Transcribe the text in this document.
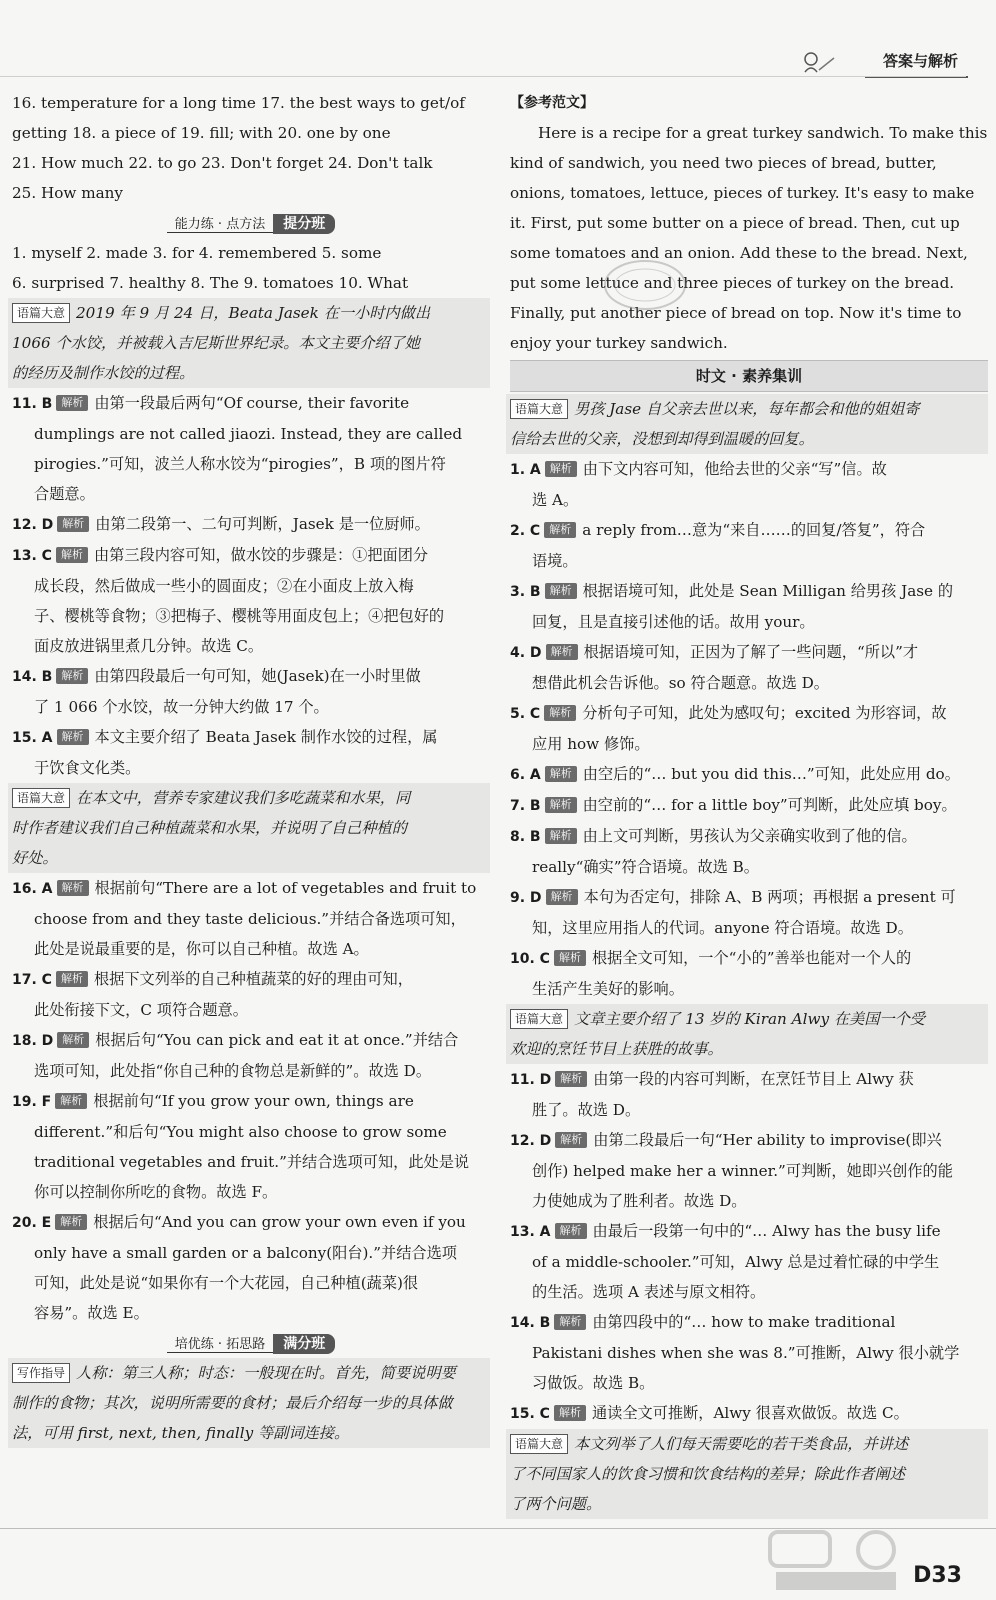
答案与解析
16. temperature for a long time 17. the best ways to get/of
getting 18. a piece of 19. fill; with 20. one by one
21. How much 22. to go 23. Don't forget 24. Don't talk
25. How many
能力练 · 点方法 提分班
1. myself 2. made 3. for 4. remembered 5. some
6. surprised 7. healthy 8. The 9. tomatoes 10. What
语篇大意 2019 年 9 月 24 日，Beata Jasek 在一小时内做出
1066 个水饺，并被载入吉尼斯世界纪录。本文主要介绍了她
的经历及制作水饺的过程。
11. B 解析 由第一段最后两句“Of course, their favorite
dumplings are not called jiaozi. Instead, they are called
pirogies.”可知，波兰人称水饺为“pirogies”，B 项的图片符
合题意。
12. D 解析 由第二段第一、二句可判断，Jasek 是一位厨师。
13. C 解析 由第三段内容可知，做水饺的步骤是：①把面团分
成长段，然后做成一些小的圆面皮；②在小面皮上放入梅
子、樱桃等食物；③把梅子、樱桃等用面皮包上；④把包好的
面皮放进锅里煮几分钟。故选 C。
14. B 解析 由第四段最后一句可知，她(Jasek)在一小时里做
了 1 066 个水饺，故一分钟大约做 17 个。
15. A 解析 本文主要介绍了 Beata Jasek 制作水饺的过程，属
于饮食文化类。
语篇大意 在本文中，营养专家建议我们多吃蔬菜和水果，同
时作者建议我们自己种植蔬菜和水果，并说明了自己种植的
好处。
16. A 解析 根据前句“There are a lot of vegetables and fruit to
choose from and they taste delicious.”并结合备选项可知，
此处是说最重要的是，你可以自己种植。故选 A。
17. C 解析 根据下文列举的自己种植蔬菜的好的理由可知，
此处衔接下文，C 项符合题意。
18. D 解析 根据后句“You can pick and eat it at once.”并结合
选项可知，此处指“你自己种的食物总是新鲜的”。故选 D。
19. F 解析 根据前句“If you grow your own, things are
different.”和后句“You might also choose to grow some
traditional vegetables and fruit.”并结合选项可知，此处是说
你可以控制你所吃的食物。故选 F。
20. E 解析 根据后句“And you can grow your own even if you
only have a small garden or a balcony(阳台).”并结合选项
可知，此处是说“如果你有一个大花园，自己种植(蔬菜)很
容易”。故选 E。
培优练 · 拓思路 满分班
写作指导 人称：第三人称；时态：一般现在时。首先，简要说明要
制作的食物；其次，说明所需要的食材；最后介绍每一步的具体做
法，可用 first, next, then, finally 等副词连接。
【参考范文】
Here is a recipe for a great turkey sandwich. To make this
kind of sandwich, you need two pieces of bread, butter,
onions, tomatoes, lettuce, pieces of turkey. It's easy to make
it. First, put some butter on a piece of bread. Then, cut up
some tomatoes and an onion. Add these to the bread. Next,
put some lettuce and three pieces of turkey on the bread.
Finally, put another piece of bread on top. Now it's time to
enjoy your turkey sandwich.
时文 · 素养集训
语篇大意 男孩 Jase 自父亲去世以来，每年都会和他的姐姐寄
信给去世的父亲，没想到却得到温暖的回复。
1. A 解析 由下文内容可知，他给去世的父亲“写”信。故
选 A。
2. C 解析 a reply from…意为“来自……的回复/答复”，符合
语境。
3. B 解析 根据语境可知，此处是 Sean Milligan 给男孩 Jase 的
回复，且是直接引述他的话。故用 your。
4. D 解析 根据语境可知，正因为了解了一些问题，“所以”才
想借此机会告诉他。so 符合题意。故选 D。
5. C 解析 分析句子可知，此处为感叹句；excited 为形容词，故
应用 how 修饰。
6. A 解析 由空后的“… but you did this…”可知，此处应用 do。
7. B 解析 由空前的“… for a little boy”可判断，此处应填 boy。
8. B 解析 由上文可判断，男孩认为父亲确实收到了他的信。
really“确实”符合语境。故选 B。
9. D 解析 本句为否定句，排除 A、B 两项；再根据 a present 可
知，这里应用指人的代词。anyone 符合语境。故选 D。
10. C 解析 根据全文可知，一个“小的”善举也能对一个人的
生活产生美好的影响。
语篇大意 文章主要介绍了 13 岁的 Kiran Alwy 在美国一个受
欢迎的烹饪节目上获胜的故事。
11. D 解析 由第一段的内容可判断，在烹饪节目上 Alwy 获
胜了。故选 D。
12. D 解析 由第二段最后一句“Her ability to improvise(即兴
创作) helped make her a winner.”可判断，她即兴创作的能
力使她成为了胜利者。故选 D。
13. A 解析 由最后一段第一句中的“… Alwy has the busy life
of a middle-schooler.”可知，Alwy 总是过着忙碌的中学生
的生活。选项 A 表述与原文相符。
14. B 解析 由第四段中的“… how to make traditional
Pakistani dishes when she was 8.”可推断，Alwy 很小就学
习做饭。故选 B。
15. C 解析 通读全文可推断，Alwy 很喜欢做饭。故选 C。
语篇大意 本文列举了人们每天需要吃的若干类食品，并讲述
了不同国家人的饮食习惯和饮食结构的差异；除此作者阐述
了两个问题。
D33
